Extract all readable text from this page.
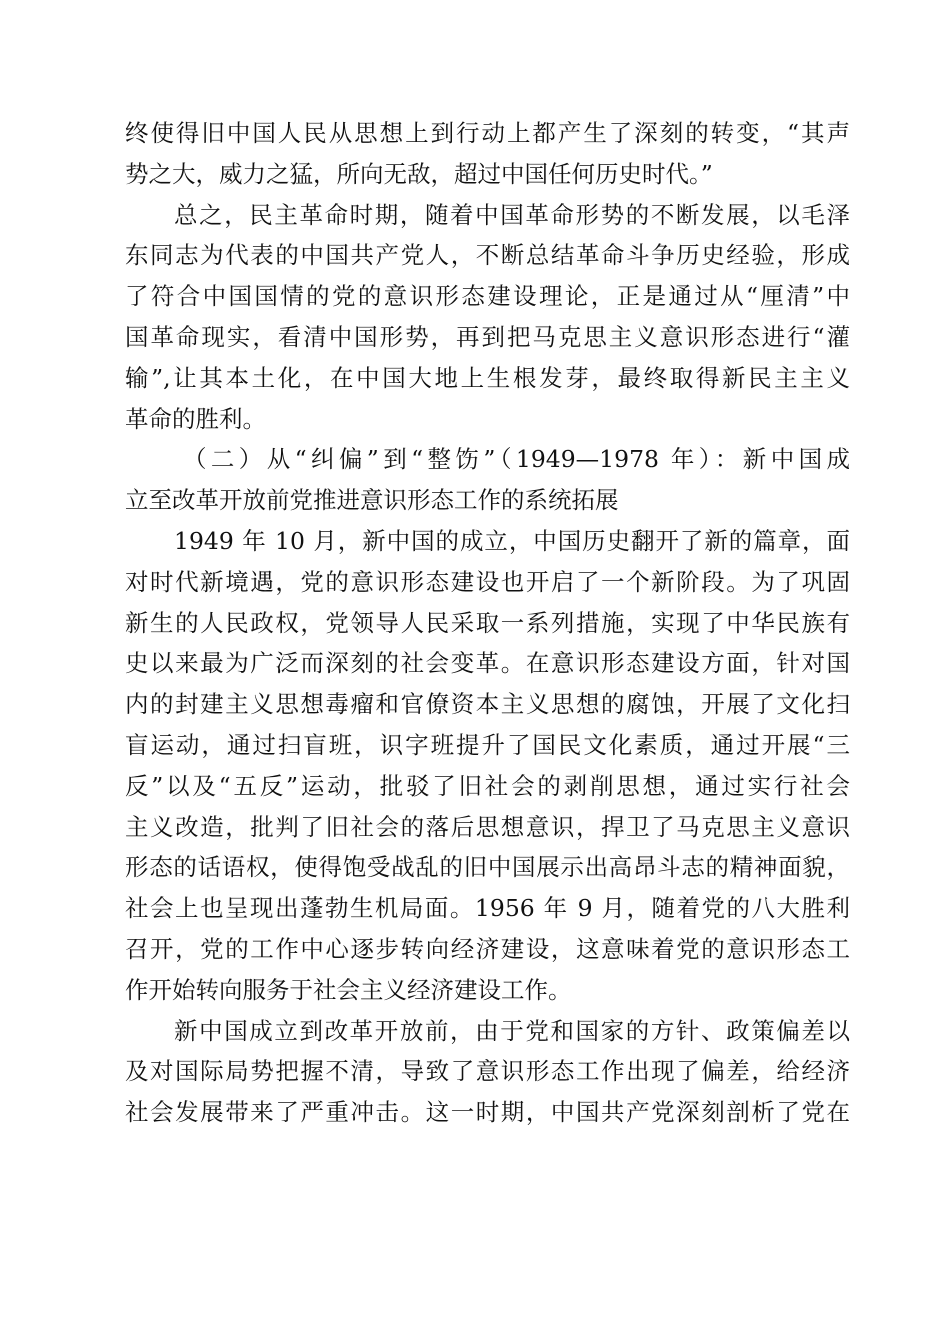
终使得旧中国人民从思想上到行动上都产生了深刻的转变，“其声
势之大，威力之猛，所向无敌，超过中国任何历史时代。”
总之，民主革命时期，随着中国革命形势的不断发展，以毛泽
东同志为代表的中国共产党人，不断总结革命斗争历史经验，形成
了符合中国国情的党的意识形态建设理论，正是通过从“厘清”中
国革命现实，看清中国形势，再到把马克思主义意识形态进行“灌
输”,让其本土化，在中国大地上生根发芽，最终取得新民主主义
革命的胜利。
（二）从“纠偏”到“整饬”（1949—1978 年）：新中国成
立至改革开放前党推进意识形态工作的系统拓展
1949 年 10 月，新中国的成立，中国历史翻开了新的篇章，面
对时代新境遇，党的意识形态建设也开启了一个新阶段。为了巩固
新生的人民政权，党领导人民采取一系列措施，实现了中华民族有
史以来最为广泛而深刻的社会变革。在意识形态建设方面，针对国
内的封建主义思想毒瘤和官僚资本主义思想的腐蚀，开展了文化扫
盲运动，通过扫盲班，识字班提升了国民文化素质，通过开展“三
反”以及“五反”运动，批驳了旧社会的剥削思想，通过实行社会
主义改造，批判了旧社会的落后思想意识，捍卫了马克思主义意识
形态的话语权，使得饱受战乱的旧中国展示出高昂斗志的精神面貌，
社会上也呈现出蓬勃生机局面。1956 年 9 月，随着党的八大胜利
召开，党的工作中心逐步转向经济建设，这意味着党的意识形态工
作开始转向服务于社会主义经济建设工作。
新中国成立到改革开放前，由于党和国家的方针、政策偏差以
及对国际局势把握不清，导致了意识形态工作出现了偏差，给经济
社会发展带来了严重冲击。这一时期，中国共产党深刻剖析了党在
